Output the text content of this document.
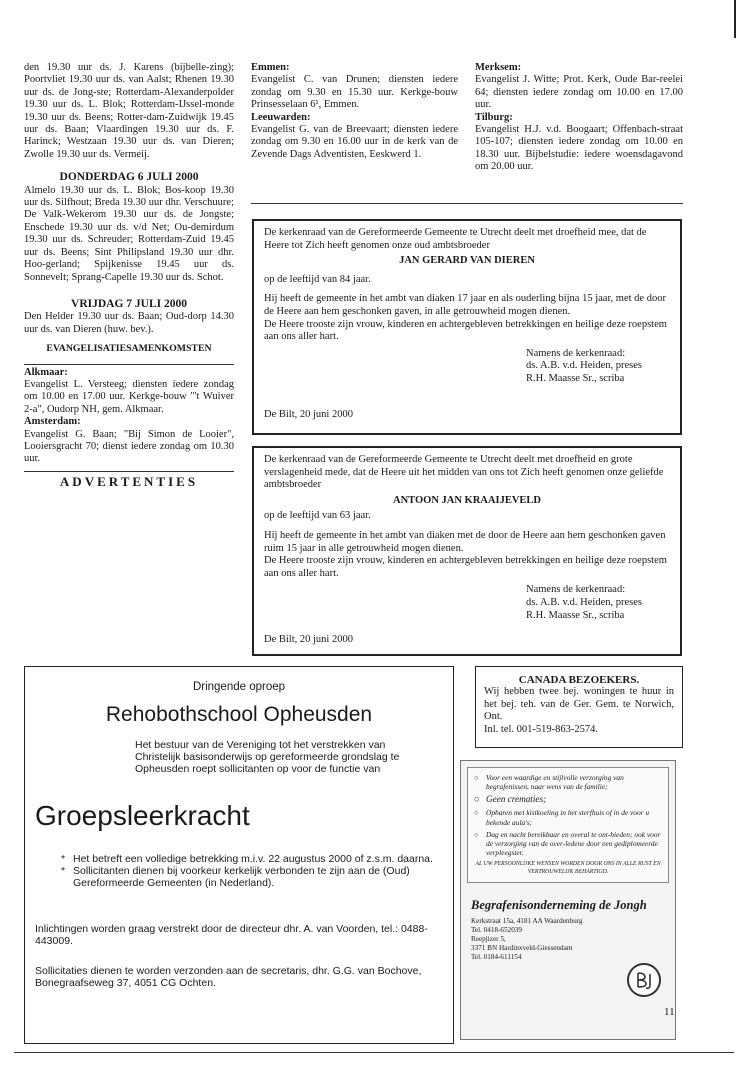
den 19.30 uur ds. J. Karens (bijbelle-zing); Poortvliet 19.30 uur ds. van Aalst; Rhenen 19.30 uur ds. de Jong-ste; Rotterdam-Alexanderpolder 19.30 uur ds. L. Blok; Rotterdam-IJssel-monde 19.30 uur ds. Beens; Rotter-dam-Zuidwijk 19.45 uur ds. Baan; Vlaardingen 19.30 uur ds. F. Harinck; Westzaan 19.30 uur ds. van Dieren; Zwolle 19.30 uur ds. Vermeij.

DONDERDAG 6 JULI 2000

Almelo 19.30 uur ds. L. Blok; Bos-koop 19.30 uur ds. Silfhout; Breda 19.30 uur dhr. Verschuure; De Valk-Wekerom 19.30 uur ds. de Jongste; Enschede 19.30 uur ds. v/d Net; Ou-demirdum 19.30 uur ds. Schreuder; Rotterdam-Zuid 19.45 uur ds. Beens; Sint Philipsland 19.30 uur dhr. Hoo-gerland; Spijkenisse 19.45 uur ds. Sonnevelt; Sprang-Capelle 19.30 uur ds. Schot.

VRIJDAG 7 JULI 2000

Den Helder 19.30 uur ds. Baan; Oud-dorp 14.30 uur ds. van Dieren (huw. bev.).

EVANGELISATIESAMENKOMSTEN
Alkmaar:

Evangelist L. Versteeg; diensten iedere zondag om 10.00 en 17.00 uur. Kerkge-bouw "'t Wuiver 2-a", Oudorp NH, gem. Alkmaar.

Amsterdam:

Evangelist G. Baan; "Bij Simon de Looier", Looiersgracht 70; dienst iedere zondag om 10.30 uur.

ADVERTENTIES
Emmen:

Evangelist C. van Drunen; diensten iedere zondag om 9.30 en 15.30 uur. Kerkge-bouw Prinsesselaan 6¹, Emmen.

Leeuwarden:

Evangelist G. van de Breevaart; diensten iedere zondag om 9.30 en 16.00 uur in de kerk van de Zevende Dags Adventisten, Eeskwerd 1.

Merksem:

Evangelist J. Witte; Prot. Kerk, Oude Bar-reelei 64; diensten iedere zondag om 10.00 en 17.00 uur.

Tilburg:

Evangelist H.J. v.d. Boogaart; Offenbach-straat 105-107; diensten iedere zondag om 10.00 en 18.30 uur. Bijbelstudie: iedere woensdagavond om 20.00 uur.

De kerkenraad van de Gereformeerde Gemeente te Utrecht deelt met droefheid mee, dat de Heere tot Zich heeft genomen onze oud ambtsbroeder

JAN GERARD VAN DIEREN

op de leeftijd van 84 jaar.

Hij heeft de gemeente in het ambt van diaken 17 jaar en als ouderling bijna 15 jaar, met de door de Heere aan hem geschonken gaven, in alle getrouwheid mogen dienen.

De Heere trooste zijn vrouw, kinderen en achtergebleven betrekkingen en heilige deze roepstem aan ons aller hart.

Namens de kerkenraad:
ds. A.B. v.d. Heiden, preses
R.H. Maasse Sr., scriba
De Bilt, 20 juni 2000

De kerkenraad van de Gereformeerde Gemeente te Utrecht deelt met droefheid en grote verslagenheid mede, dat de Heere uit het midden van ons tot Zich heeft genomen onze geliefde ambtsbroeder

ANTOON JAN KRAAIJEVELD

op de leeftijd van 63 jaar.

Hij heeft de gemeente in het ambt van diaken met de door de Heere aan hem geschonken gaven ruim 15 jaar in alle getrouwheid mogen dienen.

De Heere trooste zijn vrouw, kinderen en achtergebleven betrekkingen en heilige deze roepstem aan ons aller hart.

Namens de kerkenraad:
ds. A.B. v.d. Heiden, preses
R.H. Maasse Sr., scriba
De Bilt, 20 juni 2000
Dringende oproep
Rehobothschool Opheusden
Het bestuur van de Vereniging tot het verstrekken van Christelijk basisonderwijs op gereformeerde grondslag te Opheusden roept sollicitanten op voor de functie van
Groepsleerkracht
* Het betreft een volledige betrekking m.i.v. 22 augustus 2000 of z.s.m. daarna.
* Sollicitanten dienen bij voorkeur kerkelijk verbonden te zijn aan de (Oud) Gereformeerde Gemeenten (in Nederland).
Inlichtingen worden graag verstrekt door de directeur dhr. A. van Voorden, tel.: 0488-443009.
Sollicitaties dienen te worden verzonden aan de secretaris, dhr. G.G. van Bochove, Bonegraafseweg 37, 4051 CG Ochten.
CANADA BEZOEKERS.

Wij hebben twee bej. woningen te huur in het bej. teh. van de Ger. Gem. te Norwich, Ont.

Inl. tel. 001-519-863-2574.
○ Voor een waardige en stijlvolle verzorging van begrafenissen, naar wens van de familie;
○ Geen crematies;
○ Opbaren met kistkoeling in het sterfhuis of in de voor u bekende aula's;
○ Dag en nacht bereikbaar en overal te ont-bieden; ook voor de verzorging van de over-ledene door een gediplomeerde verpleegster.
AL UW PERSOONLIJKE WENSEN WORDEN DOOR ONS IN ALLE RUST EN VERTROUWELIJK BEHARTIGD.
Begrafenisonderneming de Jongh
Kerkstraat 15a, 4181 AA Waardenburg
Tel. 0418-652039
Reepjizer 5,
3371 BN Hardinxveld-Giessendam
Tel. 0184-611154
11
